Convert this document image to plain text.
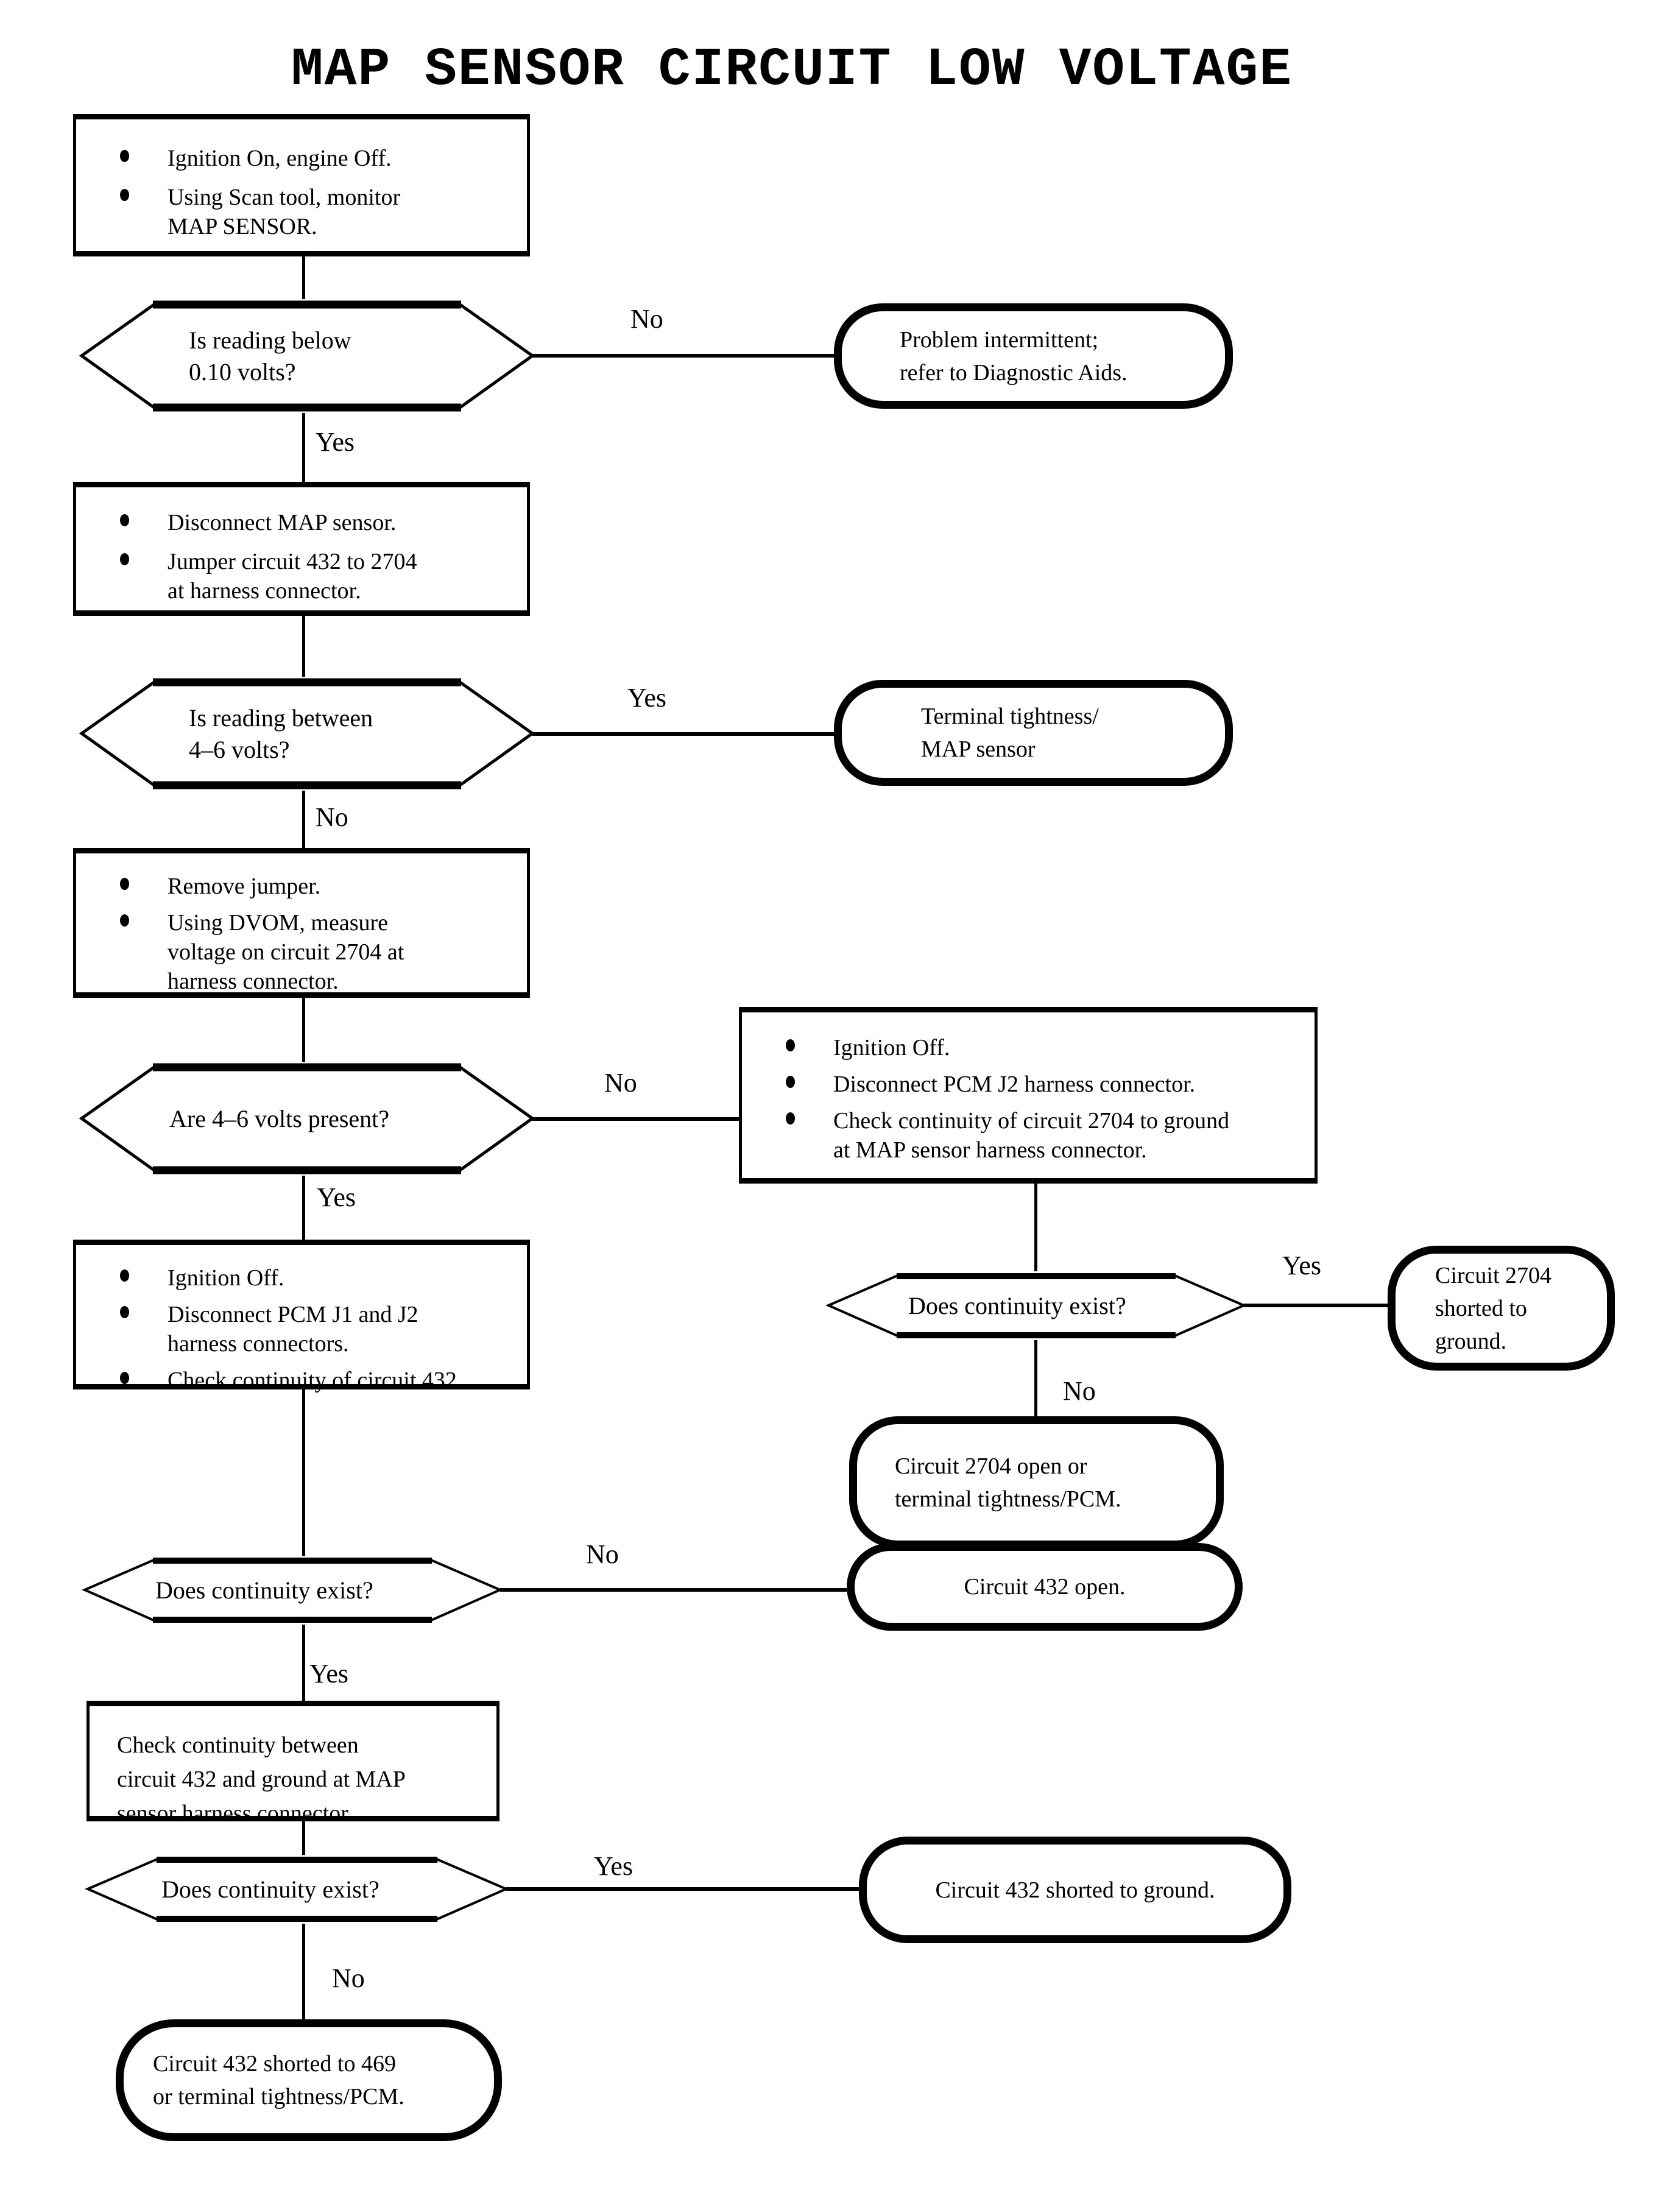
MAP SENSOR CIRCUIT LOW VOLTAGE
No
Yes
Yes
No
No
Yes
Yes
No
No
Yes
Yes
No
Ignition On, engine Off.
Using Scan tool, monitor
MAP SENSOR.
Is reading below
0.10 volts?
Problem intermittent;
refer to Diagnostic Aids.
Disconnect MAP sensor.
Jumper circuit 432 to 2704
at harness connector.
Is reading between
4–6 volts?
Terminal tightness/
MAP sensor
Remove jumper.
Using DVOM, measure
voltage on circuit 2704 at
harness connector.
Are 4–6 volts present?
Ignition Off.
Disconnect PCM J2 harness connector.
Check continuity of circuit 2704 to ground
at MAP sensor harness connector.
Ignition Off.
Disconnect PCM J1 and J2
harness connectors.
Check continuity of circuit 432.
Does continuity exist?
Circuit 2704
shorted to
ground.
Circuit 2704 open or
terminal tightness/PCM.
Does continuity exist?	Circuit 432 open.
Check continuity between
circuit 432 and ground at MAP
sensor harness connector.
Does continuity exist?	Circuit 432 shorted to ground.
Circuit 432 shorted to 469
or terminal tightness/PCM.
